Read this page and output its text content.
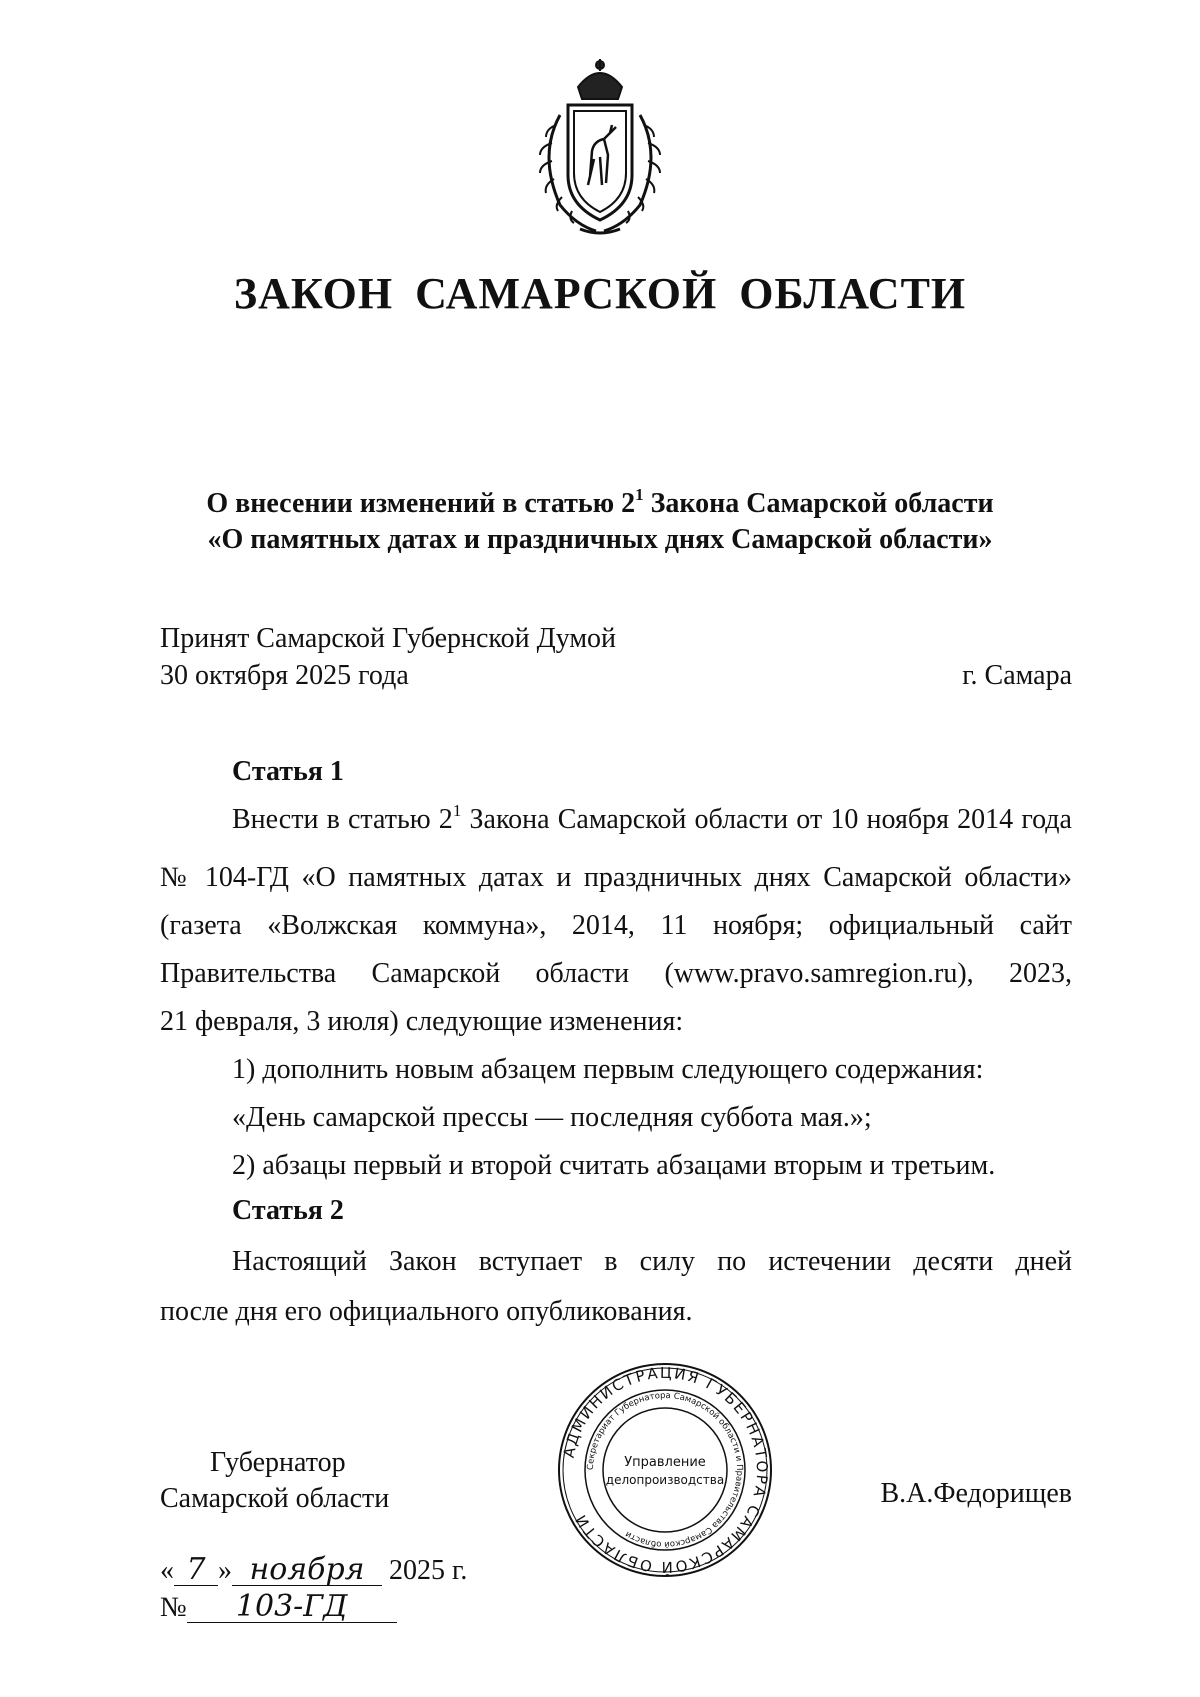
ЗАКОН САМАРСКОЙ ОБЛАСТИ
О внесении изменений в статью $2^1$ Закона Самарской области
«О памятных датах и праздничных днях Самарской области»
Принят Самарской Губернской Думой
30 октября 2025 года	г. Самара
Статья 1
Внести в статью $2^1$ Закона Самарской области от 10 ноября 2014 года
№ 104-ГД «О памятных датах и праздничных днях Самарской области»
(газета «Волжская коммуна», 2014, 11 ноября; официальный сайт
Правительства Самарской области (www.pravo.samregion.ru), 2023,
21 февраля, 3 июля) следующие изменения:
1) дополнить новым абзацем первым следующего содержания:
«День самарской прессы — последняя суббота мая.»;
2) абзацы первый и второй считать абзацами вторым и третьим.
Статья 2
Настоящий Закон вступает в силу по истечении десяти дней
после дня его официального опубликования.
Губернатор
Самарской области	В.А.Федорищев
АДМИНИСТРАЦИЯ ГУБЕРНАТОРА САМАРСКОЙ ОБЛАСТИ
Секретариат Губернатора Самарской области и Правительства Самарской области
Управление
делопроизводства
« 7 » ноября 2025 г.
№ 103-ГД
